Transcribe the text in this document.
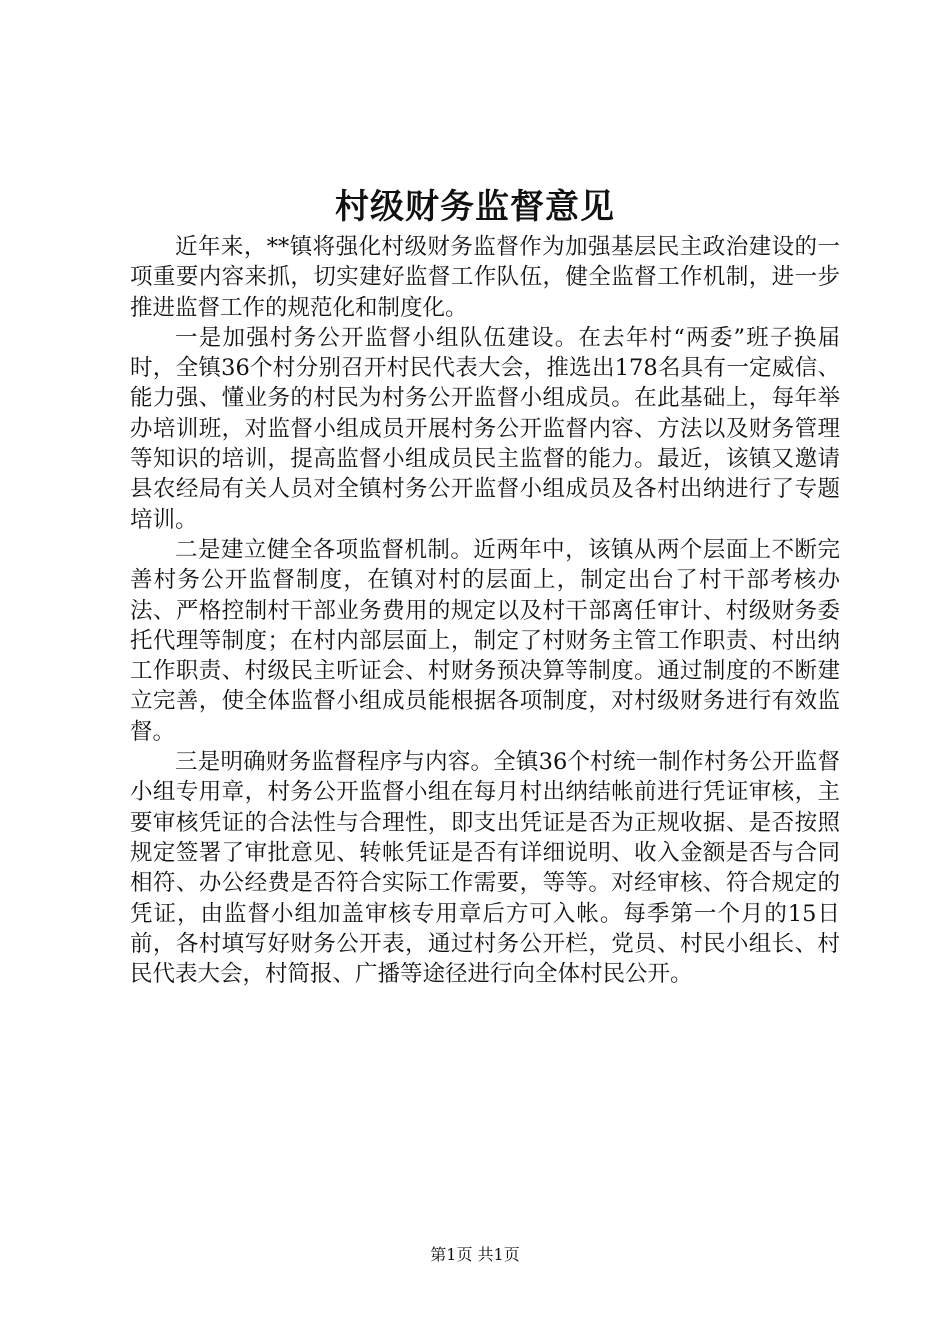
村级财务监督意见

近年来，**镇将强化村级财务监督作为加强基层民主政治建设的一项重要内容来抓，切实建好监督工作队伍，健全监督工作机制，进一步推进监督工作的规范化和制度化。

一是加强村务公开监督小组队伍建设。在去年村“两委”班子换届时，全镇36个村分别召开村民代表大会，推选出178名具有一定威信、能力强、懂业务的村民为村务公开监督小组成员。在此基础上，每年举办培训班，对监督小组成员开展村务公开监督内容、方法以及财务管理等知识的培训，提高监督小组成员民主监督的能力。最近，该镇又邀请县农经局有关人员对全镇村务公开监督小组成员及各村出纳进行了专题培训。

二是建立健全各项监督机制。近两年中，该镇从两个层面上不断完善村务公开监督制度，在镇对村的层面上，制定出台了村干部考核办法、严格控制村干部业务费用的规定以及村干部离任审计、村级财务委托代理等制度；在村内部层面上，制定了村财务主管工作职责、村出纳工作职责、村级民主听证会、村财务预决算等制度。通过制度的不断建立完善，使全体监督小组成员能根据各项制度，对村级财务进行有效监督。

三是明确财务监督程序与内容。全镇36个村统一制作村务公开监督小组专用章，村务公开监督小组在每月村出纳结帐前进行凭证审核，主要审核凭证的合法性与合理性，即支出凭证是否为正规收据、是否按照规定签署了审批意见、转帐凭证是否有详细说明、收入金额是否与合同相符、办公经费是否符合实际工作需要，等等。对经审核、符合规定的凭证，由监督小组加盖审核专用章后方可入帐。每季第一个月的15日前，各村填写好财务公开表，通过村务公开栏，党员、村民小组长、村民代表大会，村简报、广播等途径进行向全体村民公开。

第1页 共1页
